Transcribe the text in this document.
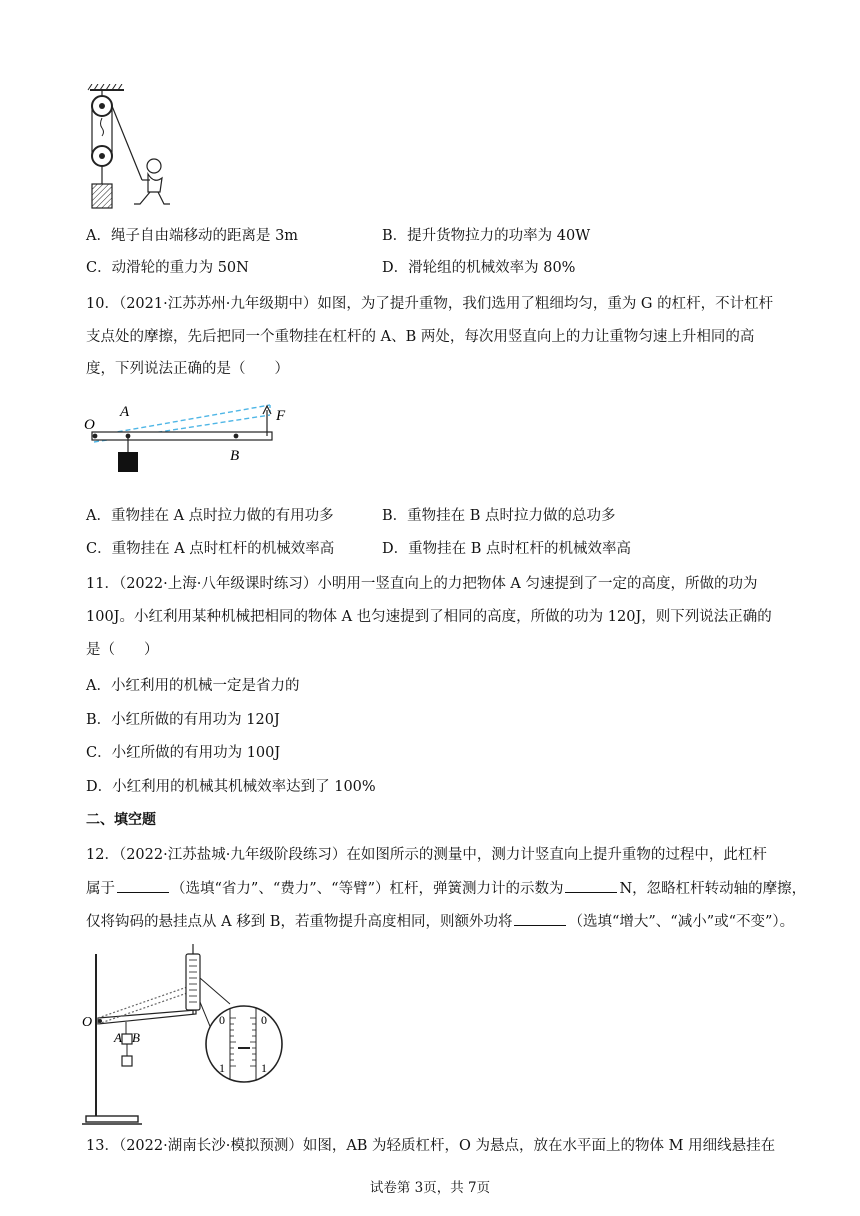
A．绳子自由端移动的距离是 3m	B．提升货物拉力的功率为 40W
C．动滑轮的重力为 50N	D．滑轮组的机械效率为 80%
10．（2021·江苏苏州·九年级期中）如图，为了提升重物，我们选用了粗细均匀，重为 G 的杠杆，不计杠杆
支点处的摩擦，先后把同一个重物挂在杠杆的 A、B 两处，每次用竖直向上的力让重物匀速上升相同的高
度，下列说法正确的是（　　）
O
A
B
F
A．重物挂在 A 点时拉力做的有用功多	B．重物挂在 B 点时拉力做的总功多
C．重物挂在 A 点时杠杆的机械效率高	D．重物挂在 B 点时杠杆的机械效率高
11．（2022·上海·八年级课时练习）小明用一竖直向上的力把物体 A 匀速提到了一定的高度，所做的功为
100J。小红利用某种机械把相同的物体 A 也匀速提到了相同的高度，所做的功为 120J，则下列说法正确的
是（　　）
A．小红利用的机械一定是省力的
B．小红所做的有用功为 120J
C．小红所做的有用功为 100J
D．小红利用的机械其机械效率达到了 100%
二、填空题
12．（2022·江苏盐城·九年级阶段练习）在如图所示的测量中，测力计竖直向上提升重物的过程中，此杠杆
属于	（选填“省力”、“费力”、“等臂”）杠杆，弹簧测力计的示数为	N，忽略杠杆转动轴的摩擦，
仅将钩码的悬挂点从 A 移到 B，若重物提升高度相同，则额外功将	（选填“增大”、“减小”或“不变”）。
A B
O	0	0
1	1
13．（2022·湖南长沙·模拟预测）如图，AB 为轻质杠杆，O 为悬点，放在水平面上的物体 M 用细线悬挂在
试卷第 3页，共 7页
